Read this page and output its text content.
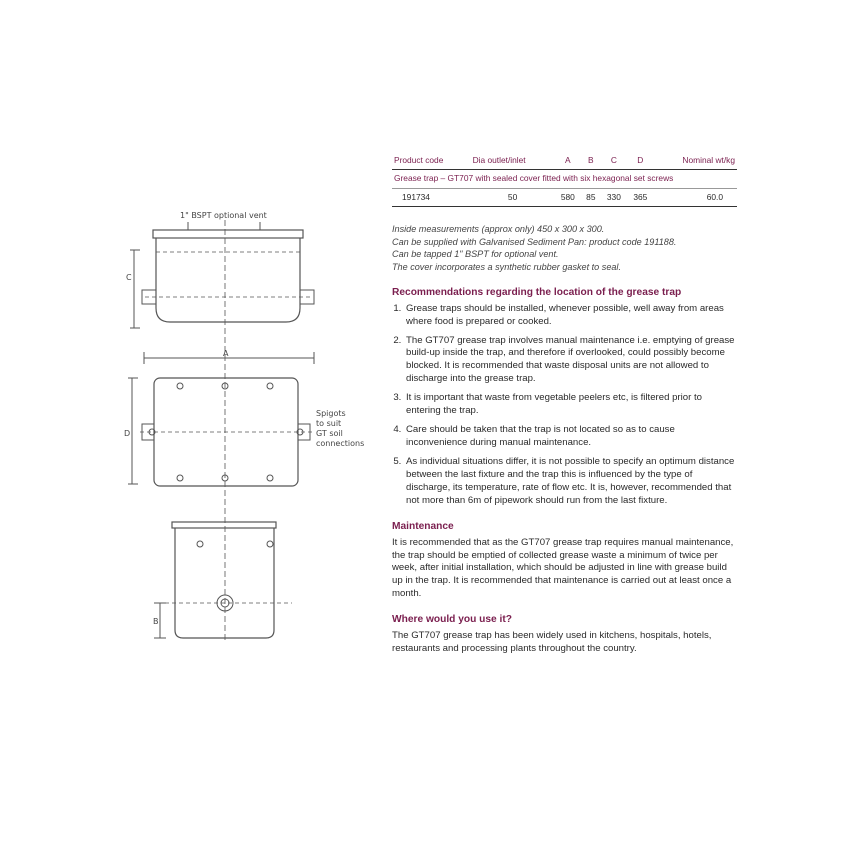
1" BSPT optional vent
C
A
D
Spigots
to suit
GT soil
connections
B
Product code	Dia outlet/inlet	A	B	C	D	Nominal wt/kg
Grease trap – GT707 with sealed cover fitted with six hexagonal set screws						
191734	50	580	85	330	365	60.0
Inside measurements (approx only) 450 x 300 x 300.
Can be supplied with Galvanised Sediment Pan: product code 191188.
Can be tapped 1" BSPT for optional vent.
The cover incorporates a synthetic rubber gasket to seal.
Recommendations regarding the location of the grease trap
1. Grease traps should be installed, whenever possible, well away from areas where food is prepared or cooked.
2. The GT707 grease trap involves manual maintenance i.e. emptying of grease build-up inside the trap, and therefore if overlooked, could possibly become blocked. It is recommended that waste disposal units are not allowed to discharge into the grease trap.
3. It is important that waste from vegetable peelers etc, is filtered prior to entering the trap.
4. Care should be taken that the trap is not located so as to cause inconvenience during manual maintenance.
5. As individual situations differ, it is not possible to specify an optimum distance between the last fixture and the trap this is influenced by the type of discharge, its temperature, rate of flow etc. It is, however, recommended that not more than 6m of pipework should run from the last fixture.
Maintenance

It is recommended that as the GT707 grease trap requires manual maintenance, the trap should be emptied of collected grease waste a minimum of twice per week, after initial installation, which should be adjusted in line with grease build up in the trap. It is recommended that maintenance is carried out at least once a month.

Where would you use it?

The GT707 grease trap has been widely used in kitchens, hospitals, hotels, restaurants and processing plants throughout the country.
